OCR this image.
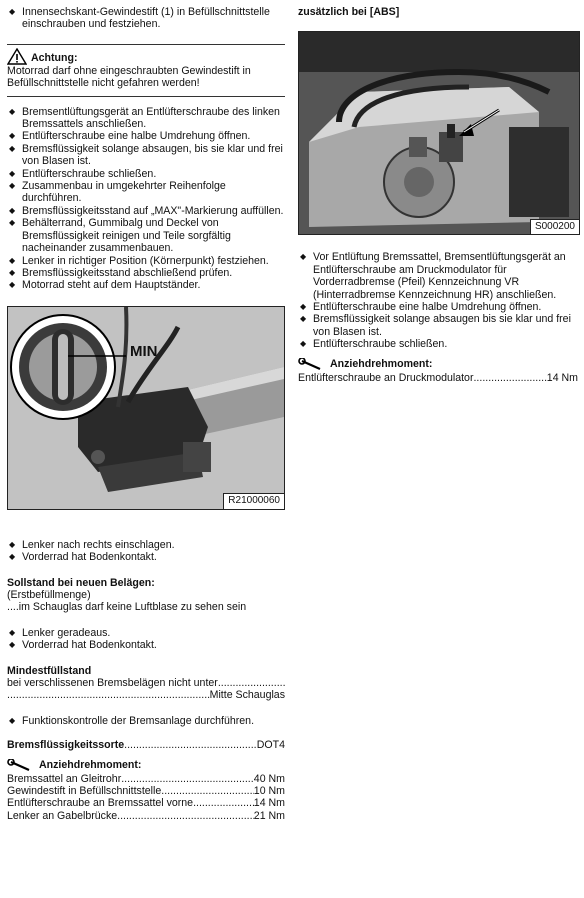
◆ Innensechskant-Gewindestift (1) in Befüllschnittstelle einschrauben und festziehen.
Achtung:
Motorrad darf ohne eingeschraubten Gewindestift in Befüllschnittstelle nicht gefahren werden!
◆ Bremsentlüftungsgerät an Entlüfterschraube des linken Bremssattels anschließen.
◆ Entlüfterschraube eine halbe Umdrehung öffnen.
◆ Bremsflüssigkeit solange absaugen, bis sie klar und frei von Blasen ist.
◆ Entlüfterschraube schließen.
◆ Zusammenbau in umgekehrter Reihenfolge durchführen.
◆ Bremsflüssigkeitsstand auf „MAX"-Markierung auffüllen.
◆ Behälterrand, Gummibalg und Deckel von Bremsflüssigkeit reinigen und Teile sorgfältig nacheinander zusammenbauen.
◆ Lenker in richtiger Position (Körnerpunkt) festziehen.
◆ Bremsflüssigkeitsstand abschließend prüfen.
◆ Motorrad steht auf dem Hauptständer.
MIN
R21000060
◆ Lenker nach rechts einschlagen.
◆ Vorderrad hat Bodenkontakt.
Sollstand bei neuen Belägen:
(Erstbefüllmenge)
....im Schauglas darf keine Luftblase zu sehen sein
◆ Lenker geradeaus.
◆ Vorderrad hat Bodenkontakt.
Mindestfüllstand
bei verschlissenen Bremsbelägen nicht unter
.....
.....
Mitte Schauglas
◆ Funktionskontrolle der Bremsanlage durchführen.
Bremsflüssigkeitssorte .....	DOT4
Anziehdrehmoment:
Bremssattel an Gleitrohr .....	40 Nm
Gewindestift in Befüllschnittstelle .....	10 Nm
Entlüfterschraube an Bremssattel vorne .....	14 Nm
Lenker an Gabelbrücke .....	21 Nm
zusätzlich bei [ABS]
S000200
◆ Vor Entlüftung Bremssattel, Bremsentlüftungsgerät an Entlüfterschraube am Druckmodulator für Vorderradbremse (Pfeil) Kennzeichnung VR (Hinterradbremse Kennzeichnung HR) anschließen.
◆ Entlüfterschraube eine halbe Umdrehung öffnen.
◆ Bremsflüssigkeit solange absaugen bis sie klar und frei von Blasen ist.
◆ Entlüfterschraube schließen.
Anziehdrehmoment:
Entlüfterschraube an Druckmodulator .....	14 Nm
